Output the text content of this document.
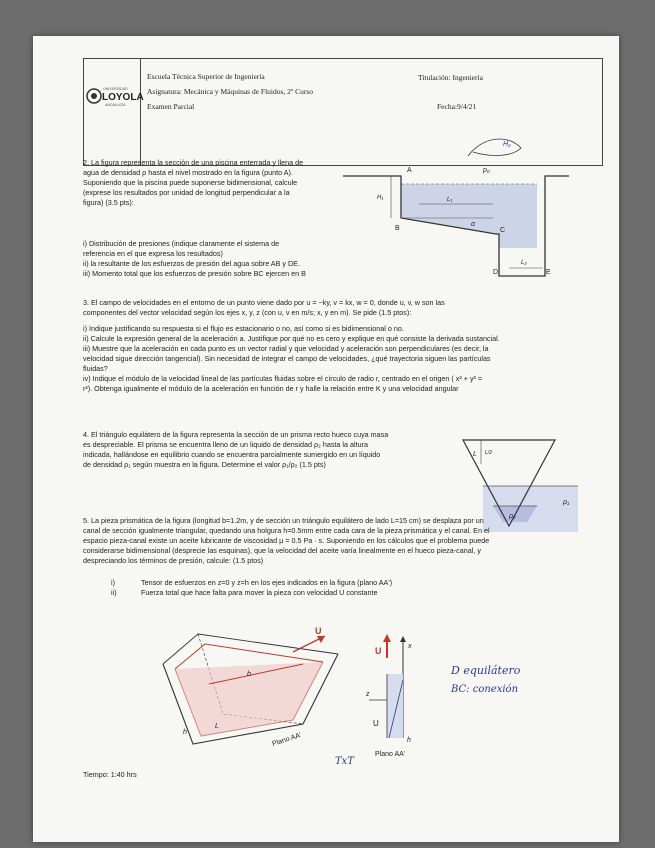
UNIVERSIDAD
LOYOLA
ANDALUCÍA
Escuela Técnica Superior de Ingeniería
Asignatura: Mecánica y Máquinas de Fluidos, 2º Curso
Examen Parcial
Titulación: Ingeniería
Fecha:9/4/21
2. La figura representa la sección de una piscina enterrada y llena de
agua de densidad ρ hasta el nivel mostrado en la figura (punto A).
Suponiendo que la piscina puede suponerse bidimensional, calcule
(exprese los resultados por unidad de longitud perpendicular a la
figura) (3.5 pts):
i) Distribución de presiones (indique claramente el sistema de
referencia en el que expresa los resultados)
ii) la resultante de los esfuerzos de presión del agua sobre AB y DE.
iii) Momento total que los esfuerzos de presión sobre BC ejercen en B
A	p₀
H₁	L₁
B
α
C
D	E
L₂
H₂
3. El campo de velocidades en el entorno de un punto viene dado por u = −ky, v = kx, w = 0, donde u, v, w son las
componentes del vector velocidad según los ejes x, y, z (con u, v en m/s; x, y en m). Se pide (1.5 ptos):
i) Indique justificando su respuesta si el flujo es estacionario o no, así como si es bidimensional o no.
ii) Calcule la expresión general de la aceleración a. Justifique por qué no es cero y explique en qué consiste la derivada sustancial.
iii) Muestre que la aceleración en cada punto es un vector radial y que velocidad y aceleración son perpendiculares (es decir, la
velocidad sigue dirección tangencial). Sin necesidad de integrar el campo de velocidades, ¿qué trayectoria siguen las partículas
fluidas?
iv) Indique el módulo de la velocidad lineal de las partículas fluidas sobre el círculo de radio r, centrado en el origen ( x² + y² =
r²). Obtenga igualmente el módulo de la aceleración en función de r y halle la relación entre K y una velocidad angular
4. El triángulo equilátero de la figura representa la sección de un prisma recto hueco cuya masa
es despreciable. El prisma se encuentra lleno de un liquido de densidad ρ₂ hasta la altura
indicada, hallándose en equilibrio cuando se encuentra parcialmente sumergido en un líquido
de densidad ρ₁ según muestra en la figura. Determine el valor ρ₁/ρ₂ (1.5 pts)
L L/2
ρ₂
ρ₁
5. La pieza prismática de la figura (longitud b=1.2m, y de sección un triángulo equilátero de lado L=15 cm) se desplaza por un
canal de sección igualmente triangular, quedando una holgura h=0.5mm entre cada cara de la pieza prismática y el canal. En el
espacio pieza-canal existe un aceite lubricante de viscosidad μ = 0.5 Pa · s. Suponiendo en los cálculos que el problema puede
considerarse bidimensional (desprecie las esquinas), que la velocidad del aceite varía linealmente en el hueco pieza-canal, y
despreciando los términos de presión, calcule: (1.5 ptos)
i)	Tensor de esfuerzos en z=0 y z=h en los ejes indicados en la figura (plano AA')
ii)	Fuerza total que hace falta para mover la pieza con velocidad U constante
U
b
L
h	Plano AA'
U	x
z
U
h
Plano AA'
D equilátero
BC: conexión
TxT
Tiempo: 1:40 hrs
